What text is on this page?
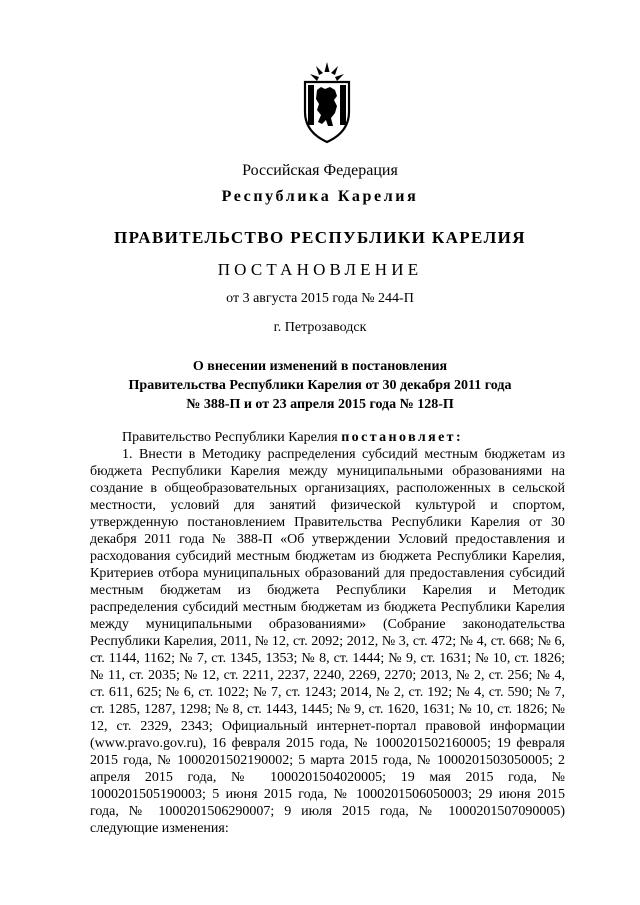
Российская Федерация
Республика Карелия
ПРАВИТЕЛЬСТВО РЕСПУБЛИКИ КАРЕЛИЯ
ПОСТАНОВЛЕНИЕ
от 3 августа 2015 года № 244-П
г. Петрозаводск
О внесении изменений в постановления
Правительства Республики Карелия от 30 декабря 2011 года
№ 388-П и от 23 апреля 2015 года № 128-П

Правительство Республики Карелия постановляет:

1. Внести в Методику распределения субсидий местным бюджетам из бюджета Республики Карелия между муниципальными образованиями на создание в общеобразовательных организациях, расположенных в сельской местности, условий для занятий физической культурой и спортом, утвержденную постановлением Правительства Республики Карелия от 30 декабря 2011 года № 388-П «Об утверждении Условий предоставления и расходования субсидий местным бюджетам из бюджета Республики Карелия, Критериев отбора муниципальных образований для предоставления субсидий местным бюджетам из бюджета Республики Карелия и Методик распределения субсидий местным бюджетам из бюджета Республики Карелия между муниципальными образованиями» (Собрание законодательства Республики Карелия, 2011, № 12, ст. 2092; 2012, № 3, ст. 472; № 4, ст. 668; № 6, ст. 1144, 1162; № 7, ст. 1345, 1353; № 8, ст. 1444; № 9, ст. 1631; № 10, ст. 1826; № 11, ст. 2035; № 12, ст. 2211, 2237, 2240, 2269, 2270; 2013, № 2, ст. 256; № 4, ст. 611, 625; № 6, ст. 1022; № 7, ст. 1243; 2014, № 2, ст. 192; № 4, ст. 590; № 7, ст. 1285, 1287, 1298; № 8, ст. 1443, 1445; № 9, ст. 1620, 1631; № 10, ст. 1826; № 12, ст. 2329, 2343; Официальный интернет-портал правовой информации (www.pravo.gov.ru), 16 февраля 2015 года, № 1000201502160005; 19 февраля 2015 года, № 1000201502190002; 5 марта 2015 года, № 1000201503050005; 2 апреля 2015 года, № 1000201504020005; 19 мая 2015 года, № 1000201505190003; 5 июня 2015 года, № 1000201506050003; 29 июня 2015 года, № 1000201506290007; 9 июля 2015 года, № 1000201507090005) следующие изменения:
